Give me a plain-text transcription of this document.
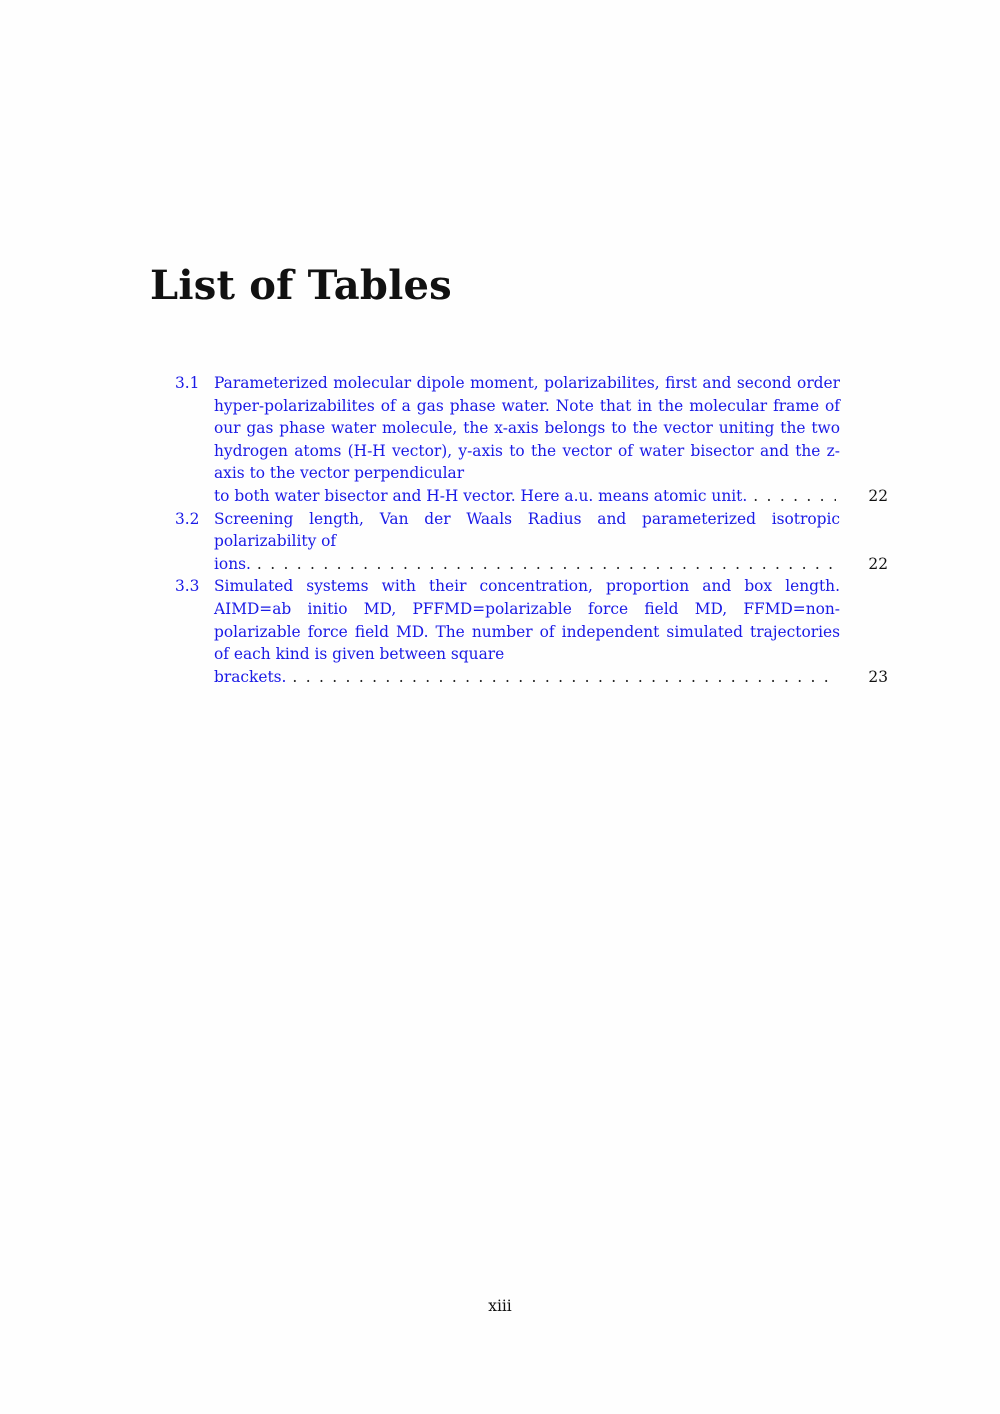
List of Tables
3.1 Parameterized molecular dipole moment, polarizabilites, first and second order hyper-polarizabilites of a gas phase water. Note that in the molecular frame of our gas phase water molecule, the x-axis belongs to the vector uniting the two hydrogen atoms (H-H vector), y-axis to the vector of water bisector and the z-axis to the vector perpendicular
to both water bisector and H-H vector. Here a.u. means atomic unit. . . .	22
3.2 Screening length, Van der Waals Radius and parameterized isotropic polarizability of
ions. . . .	22
3.3 Simulated systems with their concentration, proportion and box length. AIMD=ab initio MD, PFFMD=polarizable force field MD, FFMD=non-polarizable force field MD. The number of independent simulated trajectories of each kind is given between square
brackets. . . .	23
xiii
